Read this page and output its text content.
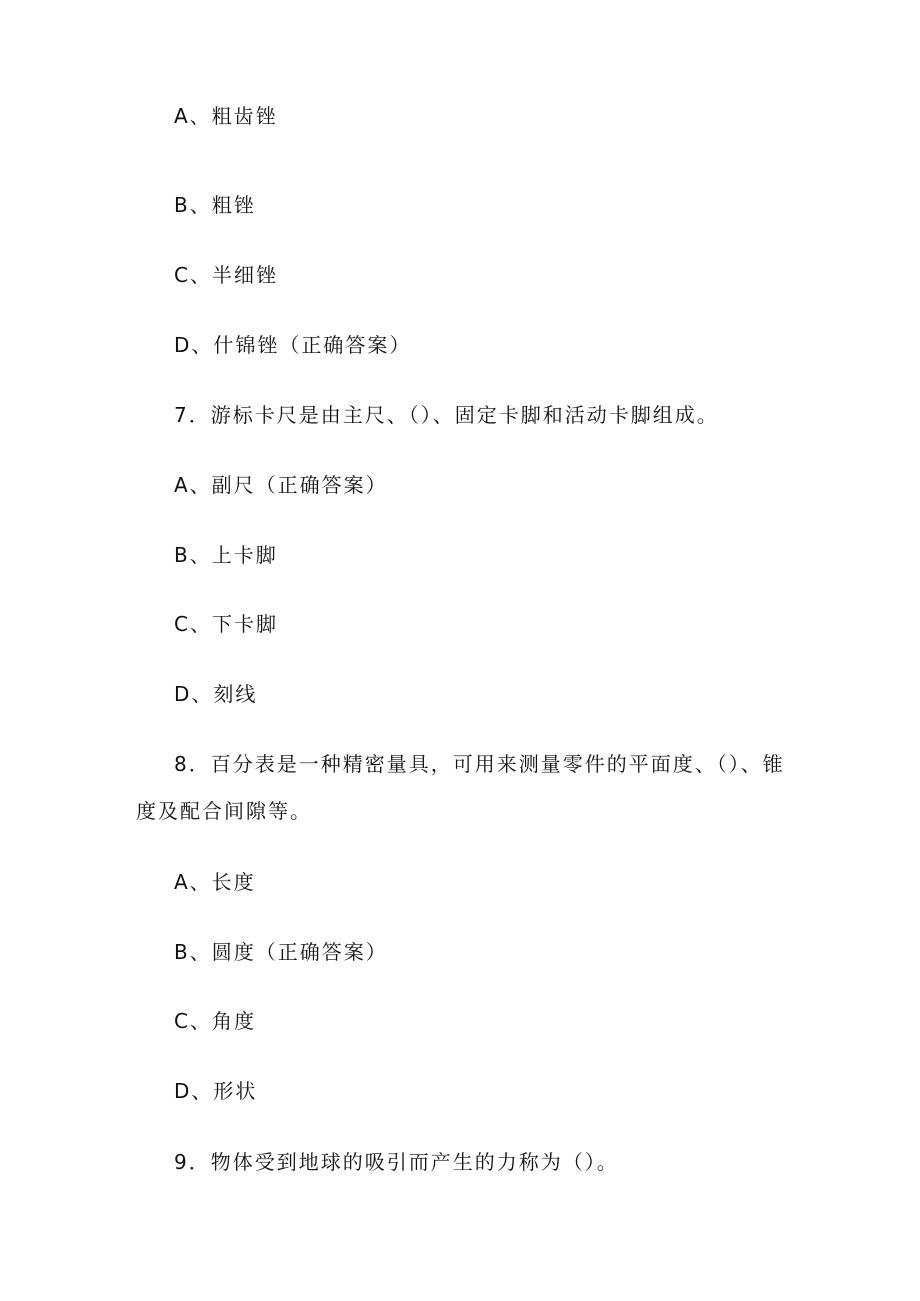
A、粗齿锉
B、粗锉
C、半细锉
D、什锦锉（正确答案）
7．游标卡尺是由主尺、（）、固定卡脚和活动卡脚组成。
A、副尺（正确答案）
B、上卡脚
C、下卡脚
D、刻线
8．百分表是一种精密量具，可用来测量零件的平面度、（）、锥
度及配合间隙等。
A、长度
B、圆度（正确答案）
C、角度
D、形状
9．物体受到地球的吸引而产生的力称为（）。
